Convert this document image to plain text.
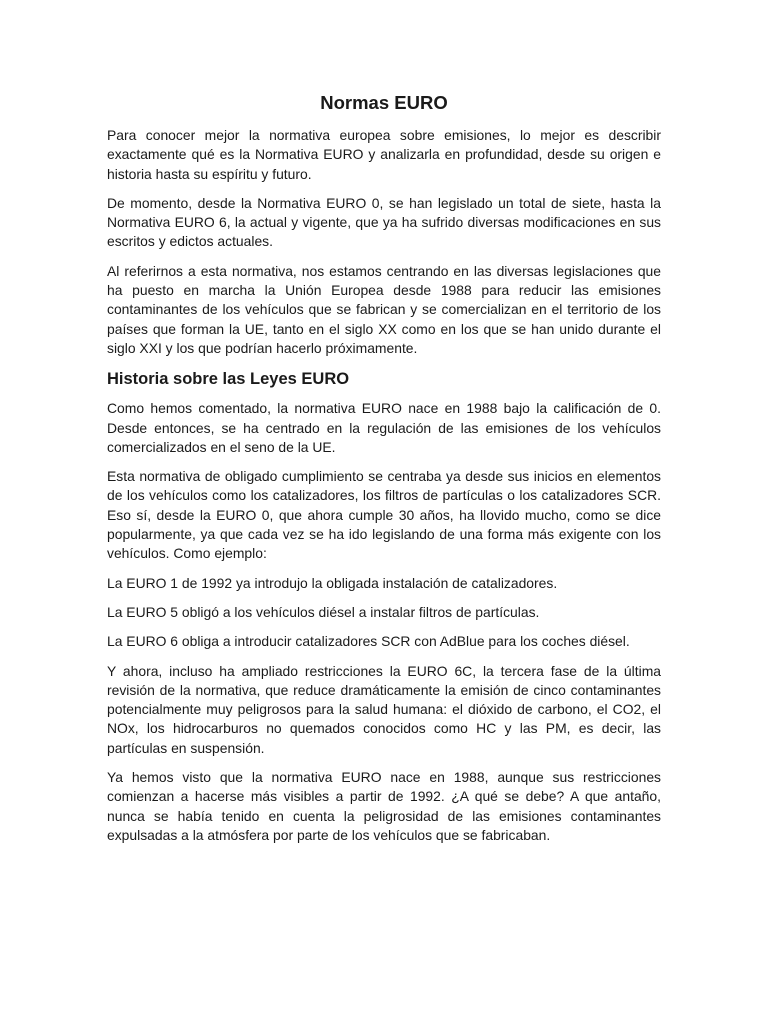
Normas EURO

Para conocer mejor la normativa europea sobre emisiones, lo mejor es describir exactamente qué es la Normativa EURO y analizarla en profundidad, desde su origen e historia hasta su espíritu y futuro.

De momento, desde la Normativa EURO 0, se han legislado un total de siete, hasta la Normativa EURO 6, la actual y vigente, que ya ha sufrido diversas modificaciones en sus escritos y edictos actuales.

Al referirnos a esta normativa, nos estamos centrando en las diversas legislaciones que ha puesto en marcha la Unión Europea desde 1988 para reducir las emisiones contaminantes de los vehículos que se fabrican y se comercializan en el territorio de los países que forman la UE, tanto en el siglo XX como en los que se han unido durante el siglo XXI y los que podrían hacerlo próximamente.

Historia sobre las Leyes EURO

Como hemos comentado, la normativa EURO nace en 1988 bajo la calificación de 0. Desde entonces, se ha centrado en la regulación de las emisiones de los vehículos comercializados en el seno de la UE.

Esta normativa de obligado cumplimiento se centraba ya desde sus inicios en elementos de los vehículos como los catalizadores, los filtros de partículas o los catalizadores SCR. Eso sí, desde la EURO 0, que ahora cumple 30 años, ha llovido mucho, como se dice popularmente, ya que cada vez se ha ido legislando de una forma más exigente con los vehículos. Como ejemplo:

La EURO 1 de 1992 ya introdujo la obligada instalación de catalizadores.

La EURO 5 obligó a los vehículos diésel a instalar filtros de partículas.

La EURO 6 obliga a introducir catalizadores SCR con AdBlue para los coches diésel.

Y ahora, incluso ha ampliado restricciones la EURO 6C, la tercera fase de la última revisión de la normativa, que reduce dramáticamente la emisión de cinco contaminantes potencialmente muy peligrosos para la salud humana: el dióxido de carbono, el CO2, el NOx, los hidrocarburos no quemados conocidos como HC y las PM, es decir, las partículas en suspensión.

Ya hemos visto que la normativa EURO nace en 1988, aunque sus restricciones comienzan a hacerse más visibles a partir de 1992. ¿A qué se debe? A que antaño, nunca se había tenido en cuenta la peligrosidad de las emisiones contaminantes expulsadas a la atmósfera por parte de los vehículos que se fabricaban.
